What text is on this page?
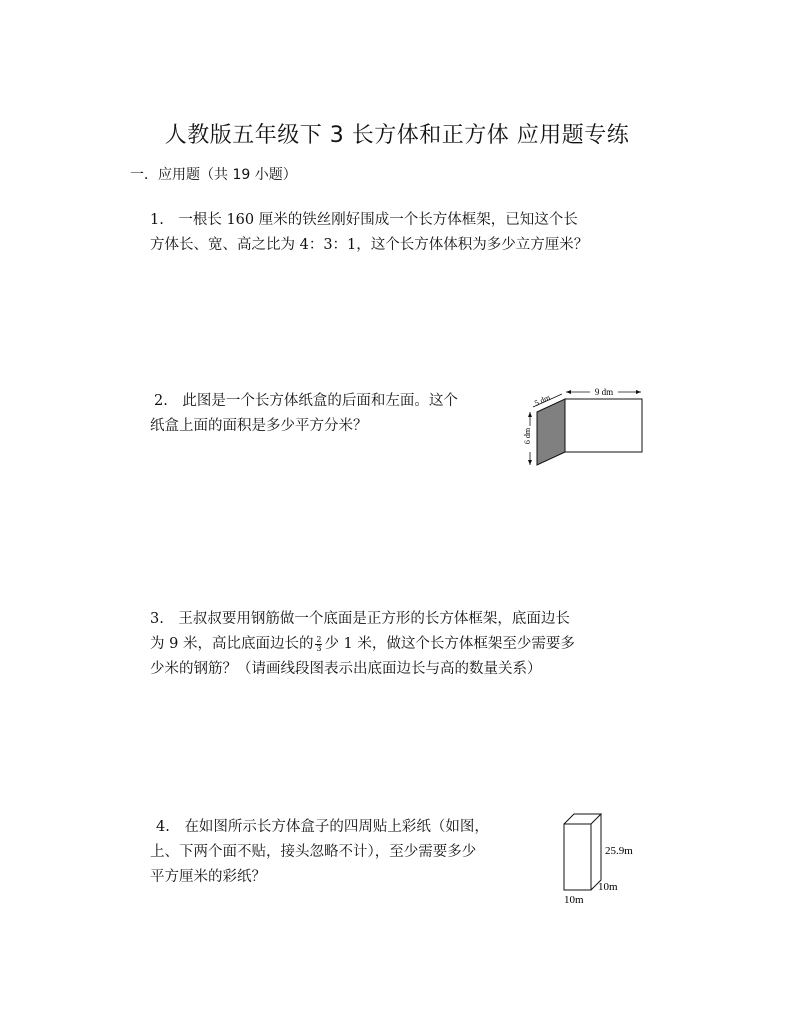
人教版五年级下 3 长方体和正方体 应用题专练
一．应用题（共 19 小题）
1.　一根长 160 厘米的铁丝刚好围成一个长方体框架，已知这个长
方体长、宽、高之比为 4：3：1，这个长方体体积为多少立方厘米？
2.　此图是一个长方体纸盒的后面和左面。这个
纸盒上面的面积是多少平方分米？
9 dm
5 dm
6 dm
3.　王叔叔要用钢筋做一个底面是正方形的长方体框架，底面边长
为 9 米，高比底面边长的 $\frac{2}{3}$ 少 1 米，做这个长方体框架至少需要多
少米的钢筋？（请画线段图表示出底面边长与高的数量关系）
4.　在如图所示长方体盒子的四周贴上彩纸（如图，
上、下两个面不贴，接头忽略不计），至少需要多少
平方厘米的彩纸？
25.9m
10m
10m
